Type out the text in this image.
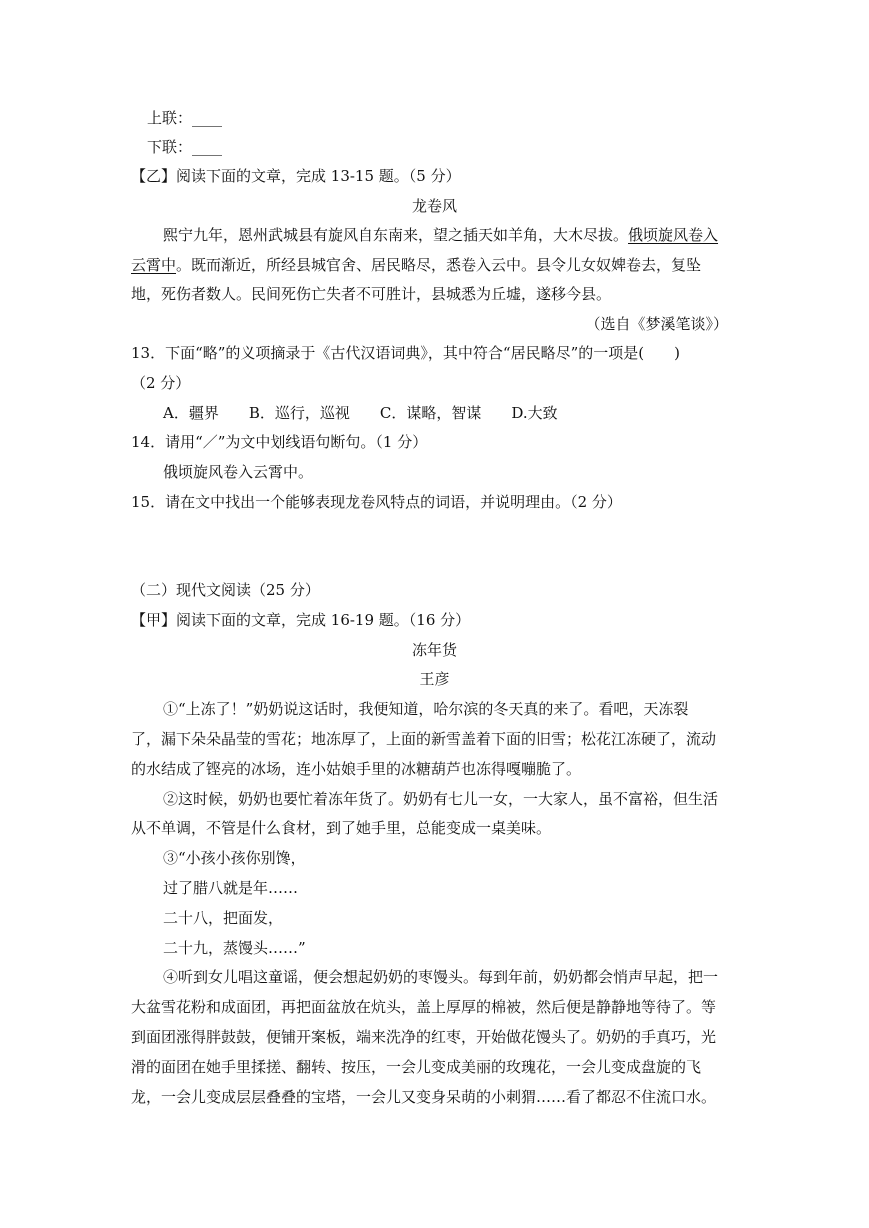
上联：____
下联：____
【乙】阅读下面的文章，完成 13-15 题。（5 分）
龙卷风
熙宁九年，恩州武城县有旋风自东南来，望之插天如羊角，大木尽拔。俄顷旋风卷入
云霄中。既而渐近，所经县城官舍、居民略尽，悉卷入云中。县令儿女奴婢卷去，复坠
地，死伤者数人。民间死伤亡失者不可胜计，县城悉为丘墟，遂移今县。
（选自《梦溪笔谈》）
13．下面“略”的义项摘录于《古代汉语词典》，其中符合“居民略尽”的一项是(　　)
（2 分）
A．疆界　　B．巡行，巡视　　C．谋略，智谋　　D.大致
14．请用“／”为文中划线语句断句。（1 分）
俄顷旋风卷入云霄中。
15．请在文中找出一个能够表现龙卷风特点的词语，并说明理由。（2 分）
（二）现代文阅读（25 分）
【甲】阅读下面的文章，完成 16-19 题。（16 分）
冻年货
王彦
①“上冻了！”奶奶说这话时，我便知道，哈尔滨的冬天真的来了。看吧，天冻裂
了，漏下朵朵晶莹的雪花；地冻厚了，上面的新雪盖着下面的旧雪；松花江冻硬了，流动
的水结成了铿亮的冰场，连小姑娘手里的冰糖葫芦也冻得嘎嘣脆了。
②这时候，奶奶也要忙着冻年货了。奶奶有七儿一女，一大家人，虽不富裕，但生活
从不单调，不管是什么食材，到了她手里，总能变成一桌美味。
③“小孩小孩你别馋，
过了腊八就是年……
二十八，把面发，
二十九，蒸馒头……”
④听到女儿唱这童谣，便会想起奶奶的枣馒头。每到年前，奶奶都会悄声早起，把一
大盆雪花粉和成面团，再把面盆放在炕头，盖上厚厚的棉被，然后便是静静地等待了。等
到面团涨得胖鼓鼓，便铺开案板，端来洗净的红枣，开始做花馒头了。奶奶的手真巧，光
滑的面团在她手里揉搓、翻转、按压，一会儿变成美丽的玫瑰花，一会儿变成盘旋的飞
龙，一会儿变成层层叠叠的宝塔，一会儿又变身呆萌的小刺猬……看了都忍不住流口水。
